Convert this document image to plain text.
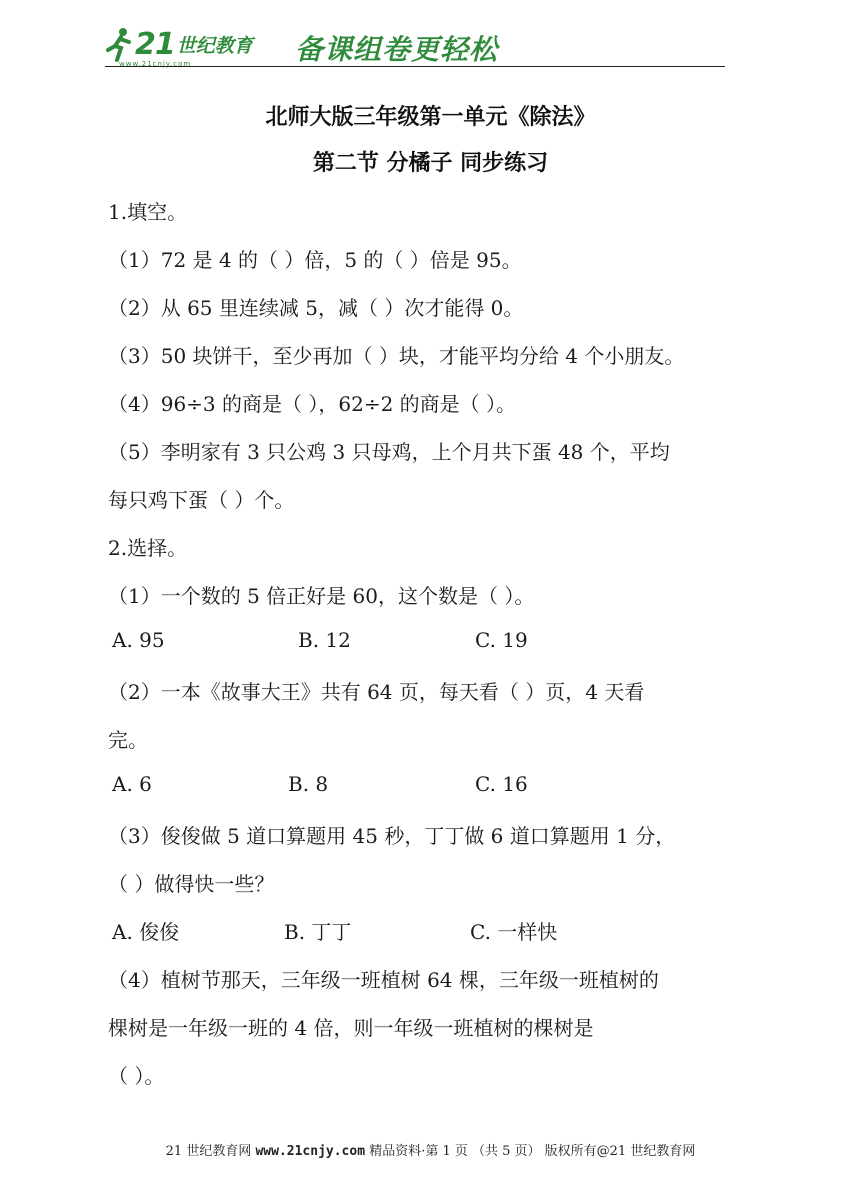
21 世纪教育
www.21cnjy.com	备课组卷更轻松
北师大版三年级第一单元《除法》
第二节 分橘子 同步练习
1.填空。
（1）72 是 4 的（ ）倍，5 的（ ）倍是 95。
（2）从 65 里连续减 5，减（ ）次才能得 0。
（3）50 块饼干，至少再加（ ）块，才能平均分给 4 个小朋友。
（4）96÷3 的商是（ ），62÷2 的商是（ ）。
（5）李明家有 3 只公鸡 3 只母鸡，上个月共下蛋 48 个，平均
每只鸡下蛋（ ）个。
2.选择。
（1）一个数的 5 倍正好是 60，这个数是（ ）。
A. 95	B. 12	C. 19
（2）一本《故事大王》共有 64 页，每天看（ ）页，4 天看
完。
A. 6	B. 8	C. 16
（3）俊俊做 5 道口算题用 45 秒，丁丁做 6 道口算题用 1 分，
（ ）做得快一些？
A. 俊俊	B. 丁丁	C. 一样快
（4）植树节那天，三年级一班植树 64 棵，三年级一班植树的
棵树是一年级一班的 4 倍，则一年级一班植树的棵树是
（ ）。
21 世纪教育网 www.21cnjy.com 精品资料·第 1 页 （共 5 页） 版权所有@21 世纪教育网
